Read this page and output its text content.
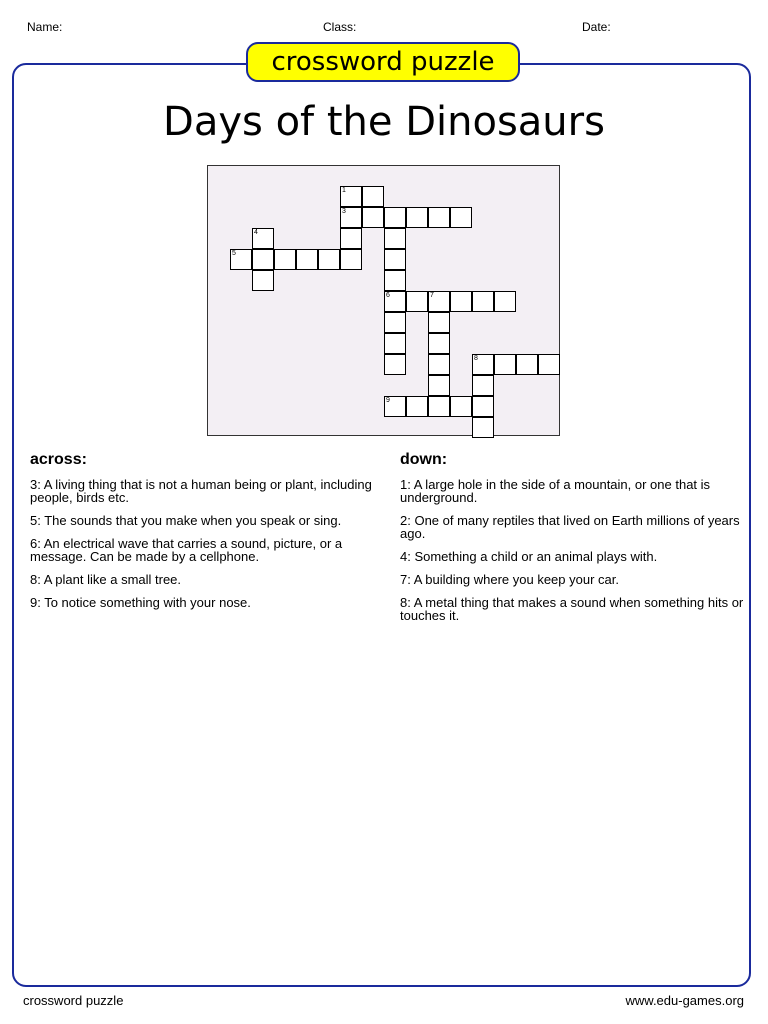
Name:	Class:	Date:
crossword puzzle
Days of the Dinosaurs
1
3
4
5
6	7
8
9
across:
3: A living thing that is not a human being or plant, including people, birds etc.
5: The sounds that you make when you speak or sing.
6: An electrical wave that carries a sound, picture, or a message. Can be made by a cellphone.
8: A plant like a small tree.
9: To notice something with your nose.
down:
1: A large hole in the side of a mountain, or one that is underground.
2: One of many reptiles that lived on Earth millions of years ago.
4: Something a child or an animal plays with.
7: A building where you keep your car.
8: A metal thing that makes a sound when something hits or touches it.
crossword puzzle	www.edu-games.org
